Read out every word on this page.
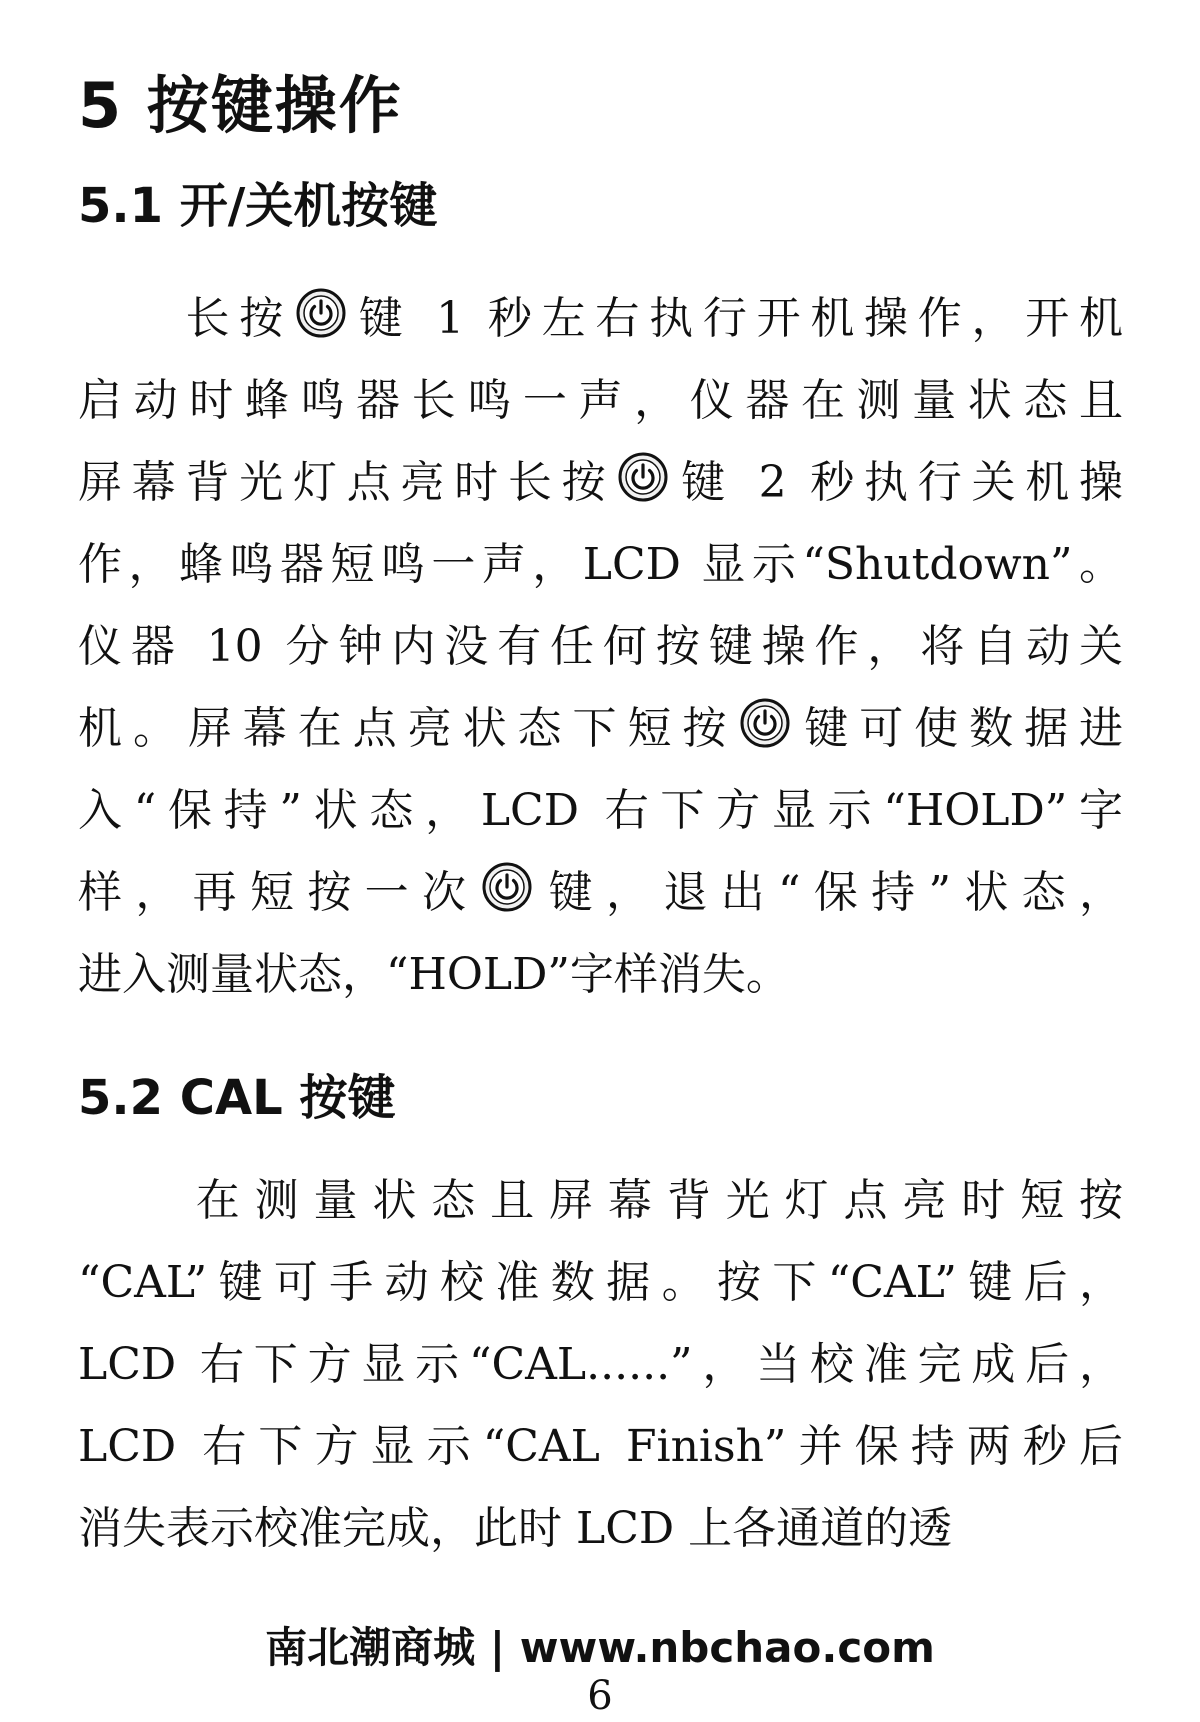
5 按键操作
5.1 开/关机按键
　　长按 键 1 秒左右执行开机操作，开机
启动时蜂鸣器长鸣一声，仪器在测量状态且
屏幕背光灯点亮时长按 键 2 秒执行关机操
作，蜂鸣器短鸣一声，LCD 显示“Shutdown”。
仪器 10 分钟内没有任何按键操作，将自动关
机。屏幕在点亮状态下短按 键可使数据进
入“保持”状态，LCD 右下方显示“HOLD”字
样，再短按一次 键，退出“保持”状态，
进入测量状态，“HOLD”字样消失。
5.2 CAL 按键
　　在测量状态且屏幕背光灯点亮时短按
“CAL”键可手动校准数据。按下“CAL”键后，
LCD 右下方显示“CAL......”，当校准完成后，
LCD 右下方显示“CAL Finish”并保持两秒后
消失表示校准完成，此时 LCD 上各通道的透
南北潮商城 | www.nbchao.com
6
